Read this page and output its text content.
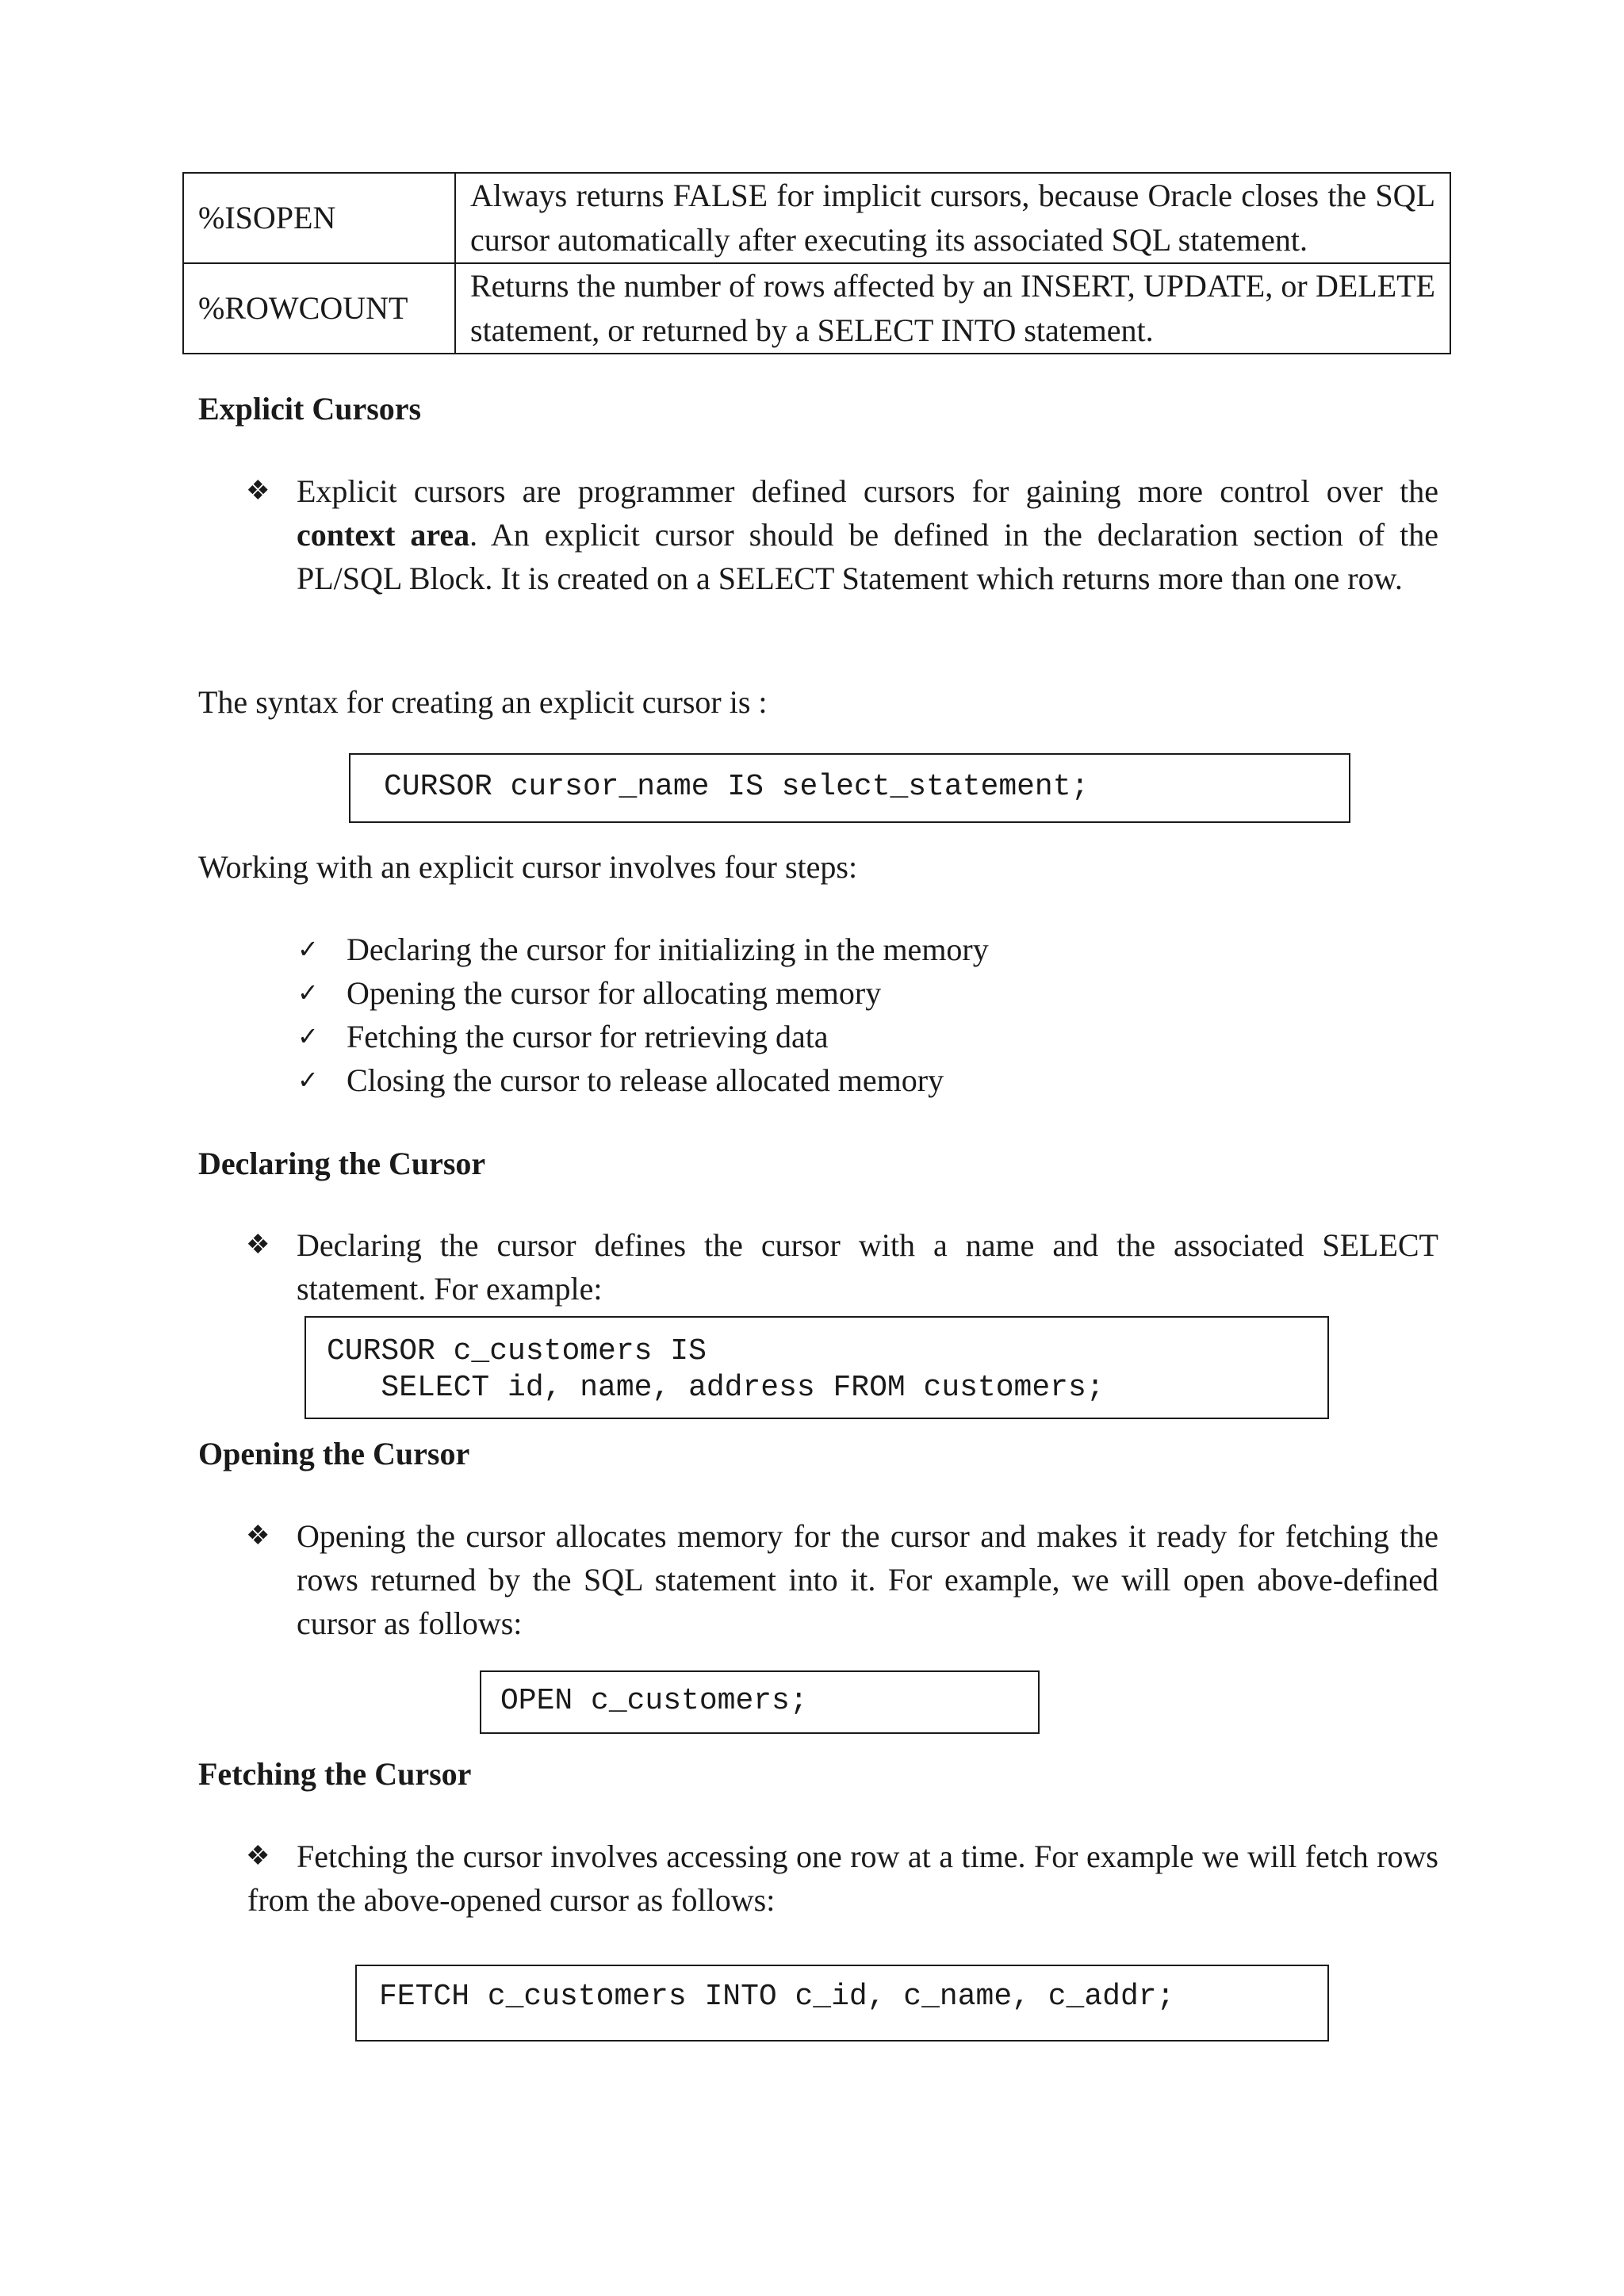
%ISOPEN	Always returns FALSE for implicit cursors, because Oracle closes the SQL cursor automatically after executing its associated SQL statement.
%ROWCOUNT	Returns the number of rows affected by an INSERT, UPDATE, or DELETE statement, or returned by a SELECT INTO statement.
Explicit Cursors
❖ Explicit cursors are programmer defined cursors for gaining more control over the context area. An explicit cursor should be defined in the declaration section of the PL/SQL Block. It is created on a SELECT Statement which returns more than one row.
The syntax for creating an explicit cursor is :
CURSOR cursor_name IS select_statement;
Working with an explicit cursor involves four steps:
✓ Declaring the cursor for initializing in the memory
✓ Opening the cursor for allocating memory
✓ Fetching the cursor for retrieving data
✓ Closing the cursor to release allocated memory
Declaring the Cursor
❖ Declaring the cursor defines the cursor with a name and the associated SELECT statement. For example:
CURSOR c_customers IS
SELECT id, name, address FROM customers;
Opening the Cursor
❖ Opening the cursor allocates memory for the cursor and makes it ready for fetching the rows returned by the SQL statement into it. For example, we will open above-defined cursor as follows:
OPEN c_customers;
Fetching the Cursor
❖ Fetching the cursor involves accessing one row at a time. For example we will fetch rows from the above-opened cursor as follows:
FETCH c_customers INTO c_id, c_name, c_addr;
